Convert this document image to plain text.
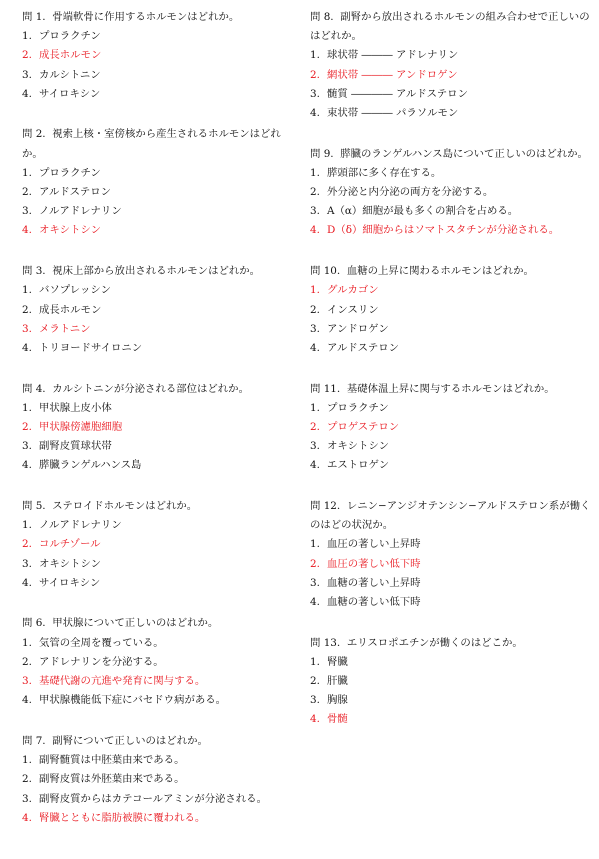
問 1.  骨端軟骨に作用するホルモンはどれか。
1. プロラクチン
2. 成長ホルモン
3. カルシトニン
4. サイロキシン
問 2.  視索上核・室傍核から産生されるホルモンはどれか。
1. プロラクチン
2. アルドステロン
3. ノルアドレナリン
4. オキシトシン
問 3.  視床上部から放出されるホルモンはどれか。
1. バソプレッシン
2. 成長ホルモン
3. メラトニン
4. トリヨードサイロニン
問 4.  カルシトニンが分泌される部位はどれか。
1. 甲状腺上皮小体
2. 甲状腺傍濾胞細胞
3. 副腎皮質球状帯
4. 膵臓ランゲルハンス島
問 5.  ステロイドホルモンはどれか。
1. ノルアドレナリン
2. コルチゾール
3. オキシトシン
4. サイロキシン
問 6.  甲状腺について正しいのはどれか。
1. 気管の全周を覆っている。
2. アドレナリンを分泌する。
3. 基礎代謝の亢進や発育に関与する。
4. 甲状腺機能低下症にバセドウ病がある。
問 7.  副腎について正しいのはどれか。
1. 副腎髄質は中胚葉由来である。
2. 副腎皮質は外胚葉由来である。
3. 副腎皮質からはカテコールアミンが分泌される。
4. 腎臓とともに脂肪被膜に覆われる。
問 8.  副腎から放出されるホルモンの組み合わせで正しいのはどれか。
1. 球状帯 ――― アドレナリン
2. 網状帯 ――― アンドロゲン
3. 髄質 ―――― アルドステロン
4. 束状帯 ――― パラソルモン
問 9.  膵臓のランゲルハンス島について正しいのはどれか。
1. 膵頭部に多く存在する。
2. 外分泌と内分泌の両方を分泌する。
3. A（α）細胞が最も多くの割合を占める。
4. D（δ）細胞からはソマトスタチンが分泌される。
問 10.  血糖の上昇に関わるホルモンはどれか。
1. グルカゴン
2. インスリン
3. アンドロゲン
4. アルドステロン
問 11.  基礎体温上昇に関与するホルモンはどれか。
1. プロラクチン
2. プロゲステロン
3. オキシトシン
4. エストロゲン
問 12.  レニン−アンジオテンシン−アルドステロン系が働くのはどの状況か。
1. 血圧の著しい上昇時
2. 血圧の著しい低下時
3. 血糖の著しい上昇時
4. 血糖の著しい低下時
問 13.  エリスロポエチンが働くのはどこか。
1. 腎臓
2. 肝臓
3. 胸腺
4. 骨髄
